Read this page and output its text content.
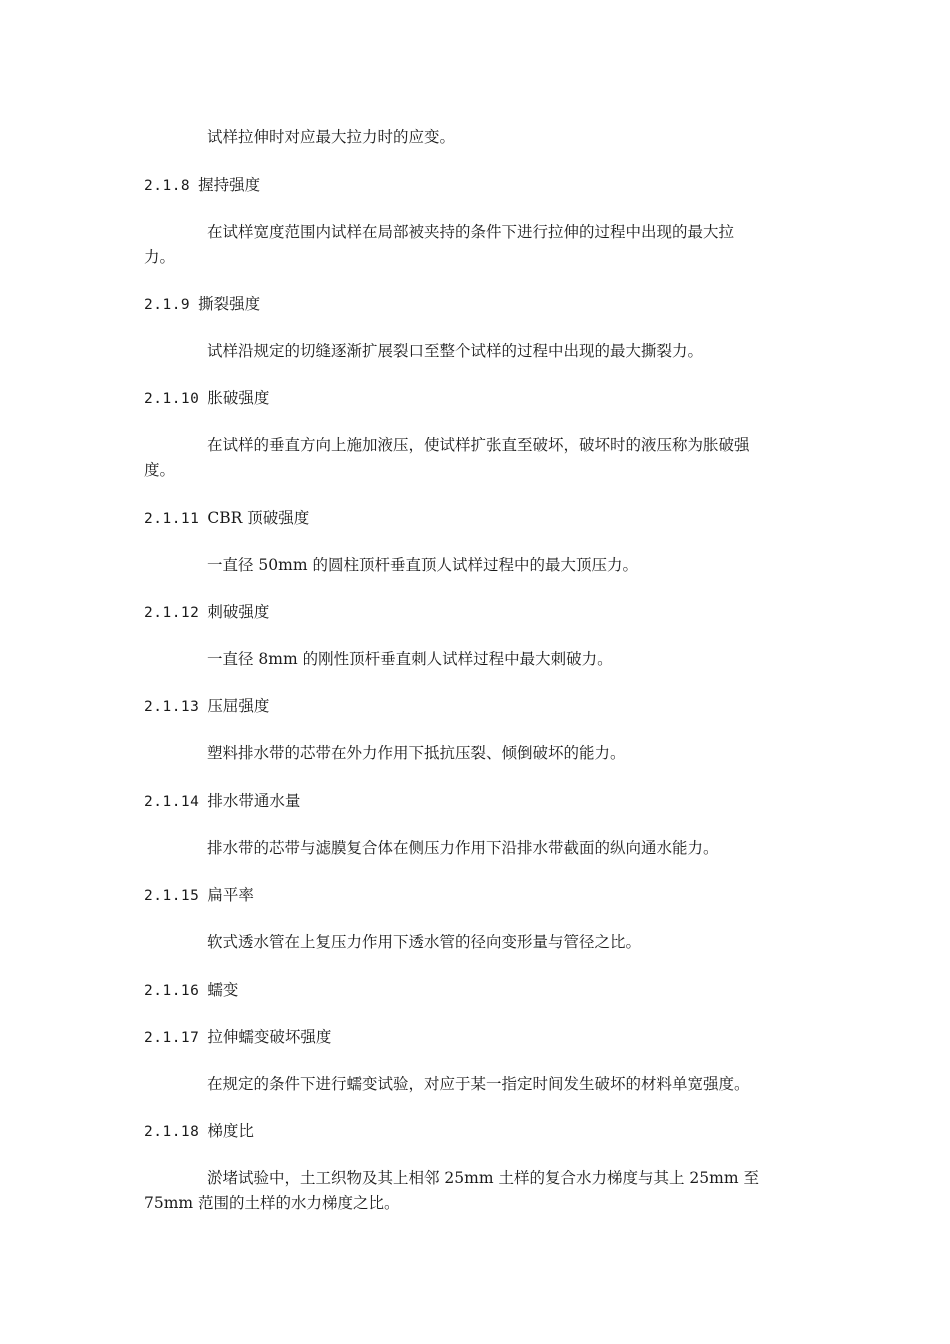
试样拉伸时对应最大拉力时的应变。
2.1.8 握持强度
在试样宽度范围内试样在局部被夹持的条件下进行拉伸的过程中出现的最大拉
力。
2.1.9 撕裂强度
试样沿规定的切缝逐渐扩展裂口至整个试样的过程中出现的最大撕裂力。
2.1.10 胀破强度
在试样的垂直方向上施加液压，使试样扩张直至破坏，破坏时的液压称为胀破强
度。
2.1.11 CBR 顶破强度
一直径 50mm 的圆柱顶杆垂直顶人试样过程中的最大顶压力。
2.1.12 刺破强度
一直径 8mm 的刚性顶杆垂直刺人试样过程中最大刺破力。
2.1.13 压屈强度
塑料排水带的芯带在外力作用下抵抗压裂、倾倒破坏的能力。
2.1.14 排水带通水量
排水带的芯带与滤膜复合体在侧压力作用下沿排水带截面的纵向通水能力。
2.1.15 扁平率
软式透水管在上复压力作用下透水管的径向变形量与管径之比。
2.1.16 蠕变
2.1.17 拉伸蠕变破坏强度
在规定的条件下进行蠕变试验，对应于某一指定时间发生破坏的材料单宽强度。
2.1.18 梯度比
淤堵试验中，土工织物及其上相邻 25mm 土样的复合水力梯度与其上 25mm 至
75mm 范围的土样的水力梯度之比。
